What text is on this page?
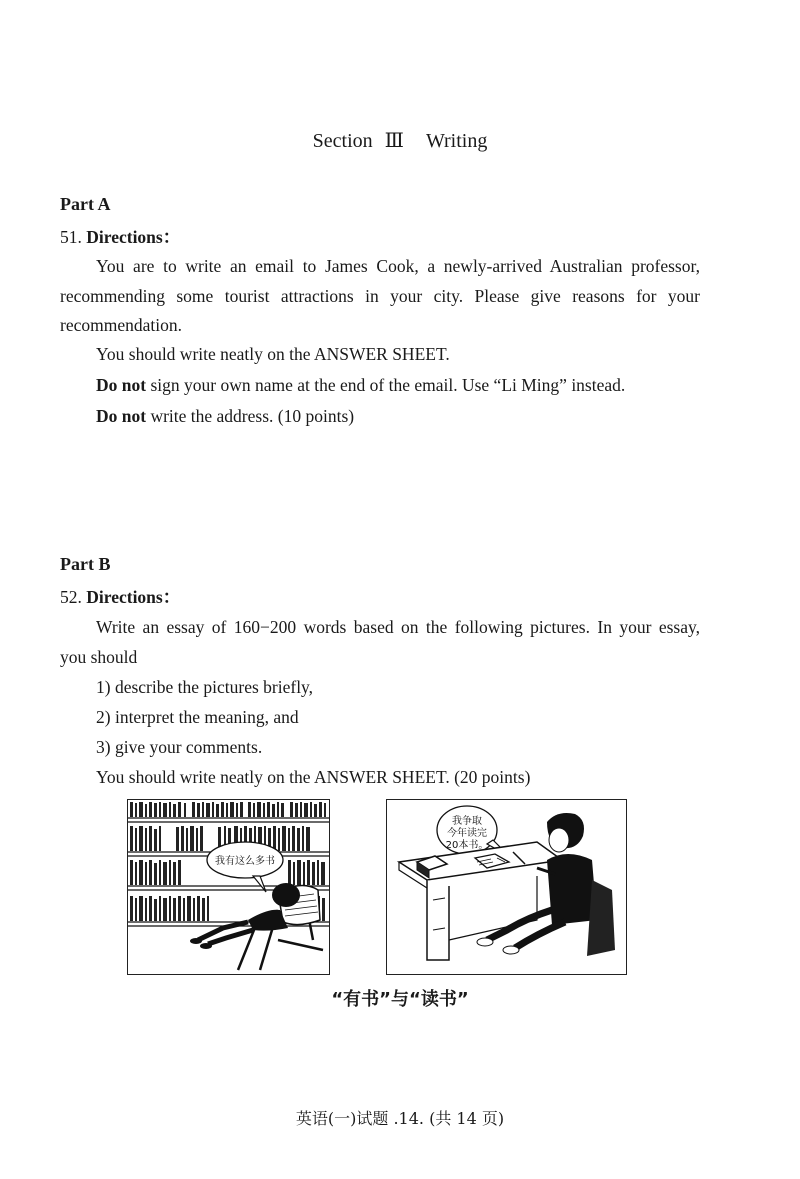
Section Ⅲ Writing
Part A
51. Directions：
You are to write an email to James Cook, a newly-arrived Australian professor,
recommending some tourist attractions in your city. Please give reasons for your
recommendation.
You should write neatly on the ANSWER SHEET.
Do not sign your own name at the end of the email. Use “Li Ming” instead.
Do not write the address. (10 points)
Part B
52. Directions：
Write an essay of 160−200 words based on the following pictures. In your essay,
you should
1) describe the pictures briefly,
2) interpret the meaning, and
3) give your comments.
You should write neatly on the ANSWER SHEET. (20 points)
我有这么多书
我争取
今年读完
20本书。
“有书”与“读书”
英语(一)试题 .14. (共 14 页)
